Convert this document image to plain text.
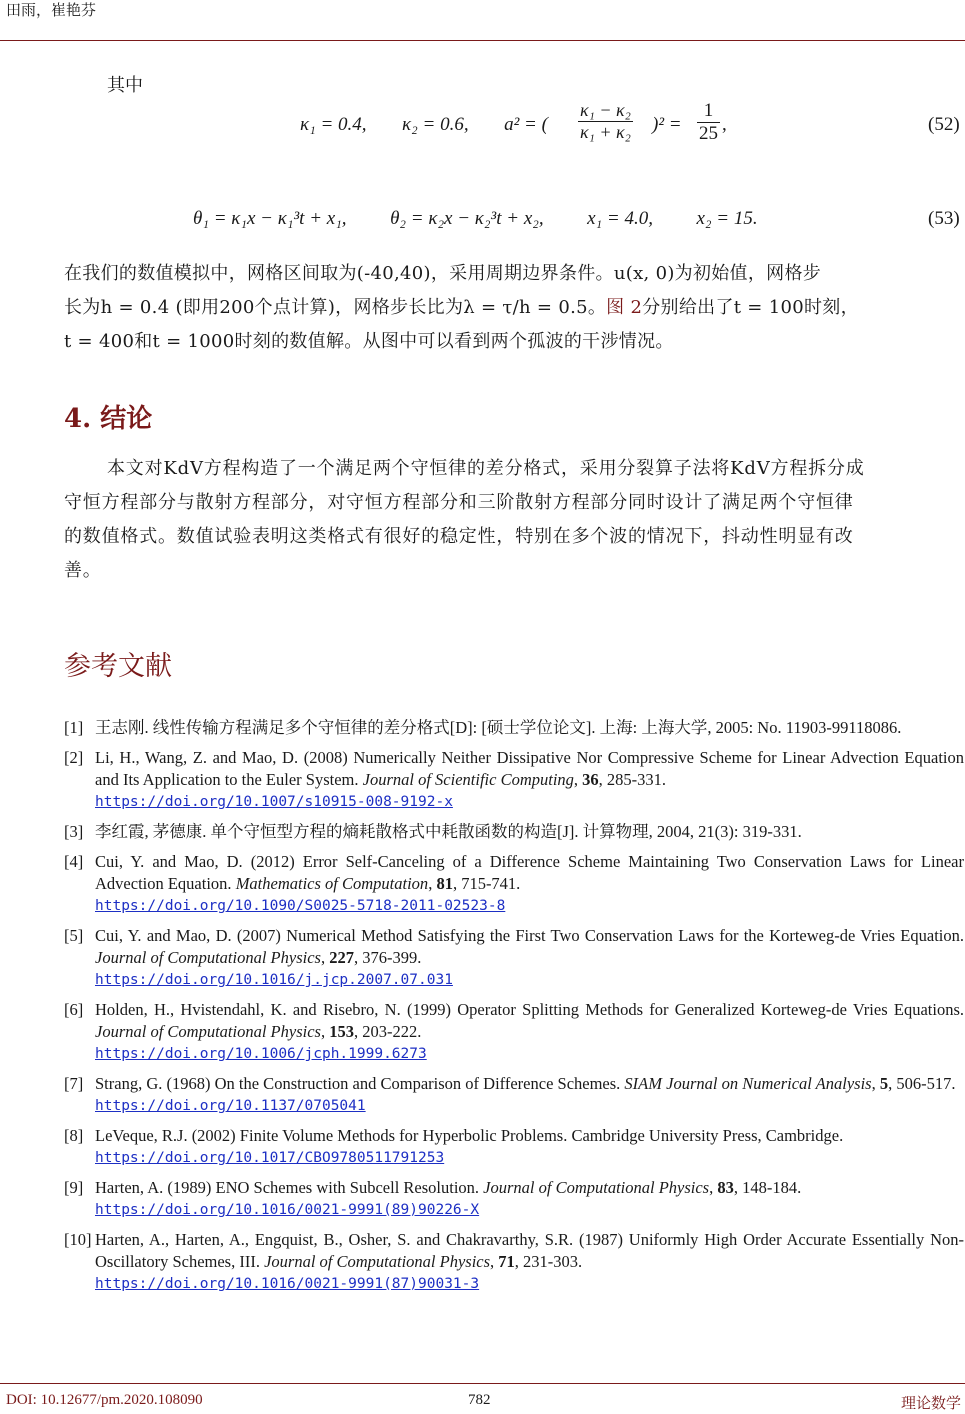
田雨，崔艳芬
其中
κ₁ = 0.4, κ₂ = 0.6, a² = ( $\frac{\text{κ₁ − κ₂}}{\text{κ₁ + κ₂}} )^2 = \frac{1}{25}$ ,	(52)
θ₁ = κ₁x − κ₁³t + x₁, θ₂ = κ₂x − κ₂³t + x₂, x₁ = 4.0, x₂ = 15.	(53)
在我们的数值模拟中，网格区间取为(-40,40)，采用周期边界条件。u(x, 0)为初始值，网格步
长为h = 0.4 (即用200个点计算)，网格步长比为λ = τ/h = 0.5。图 2分别给出了t = 100时刻，
t = 400和t = 1000时刻的数值解。从图中可以看到两个孤波的干涉情况。
4. 结论
本文对KdV方程构造了一个满足两个守恒律的差分格式，采用分裂算子法将KdV方程拆分成
守恒方程部分与散射方程部分，对守恒方程部分和三阶散射方程部分同时设计了满足两个守恒律
的数值格式。数值试验表明这类格式有很好的稳定性，特别在多个波的情况下，抖动性明显有改
善。
参考文献
[1] 王志刚. 线性传输方程满足多个守恒律的差分格式[D]: [硕士学位论文]. 上海: 上海大学, 2005: No. 11903-99118086.
[2] Li, H., Wang, Z. and Mao, D. (2008) Numerically Neither Dissipative Nor Compressive Scheme for Linear Advection Equation and Its Application to the Euler System. Journal of Scientific Computing, 36, 285-331.
https://doi.org/10.1007/s10915-008-9192-x
[3] 李红霞, 茅德康. 单个守恒型方程的熵耗散格式中耗散函数的构造[J]. 计算物理, 2004, 21(3): 319-331.
[4] Cui, Y. and Mao, D. (2012) Error Self-Canceling of a Difference Scheme Maintaining Two Conservation Laws for Linear Advection Equation. Mathematics of Computation, 81, 715-741.
https://doi.org/10.1090/S0025-5718-2011-02523-8
[5] Cui, Y. and Mao, D. (2007) Numerical Method Satisfying the First Two Conservation Laws for the Korteweg-de Vries Equation. Journal of Computational Physics, 227, 376-399.
https://doi.org/10.1016/j.jcp.2007.07.031
[6] Holden, H., Hvistendahl, K. and Risebro, N. (1999) Operator Splitting Methods for Generalized Korteweg-de Vries Equations. Journal of Computational Physics, 153, 203-222.
https://doi.org/10.1006/jcph.1999.6273
[7] Strang, G. (1968) On the Construction and Comparison of Difference Schemes. SIAM Journal on Numerical Analysis, 5, 506-517.
https://doi.org/10.1137/0705041
[8] LeVeque, R.J. (2002) Finite Volume Methods for Hyperbolic Problems. Cambridge University Press, Cambridge.
https://doi.org/10.1017/CBO9780511791253
[9] Harten, A. (1989) ENO Schemes with Subcell Resolution. Journal of Computational Physics, 83, 148-184.
https://doi.org/10.1016/0021-9991(89)90226-X
[10] Harten, A., Harten, A., Engquist, B., Osher, S. and Chakravarthy, S.R. (1987) Uniformly High Order Accurate Essentially Non-Oscillatory Schemes, III. Journal of Computational Physics, 71, 231-303.
https://doi.org/10.1016/0021-9991(87)90031-3
DOI: 10.12677/pm.2020.108090	782	理论数学
